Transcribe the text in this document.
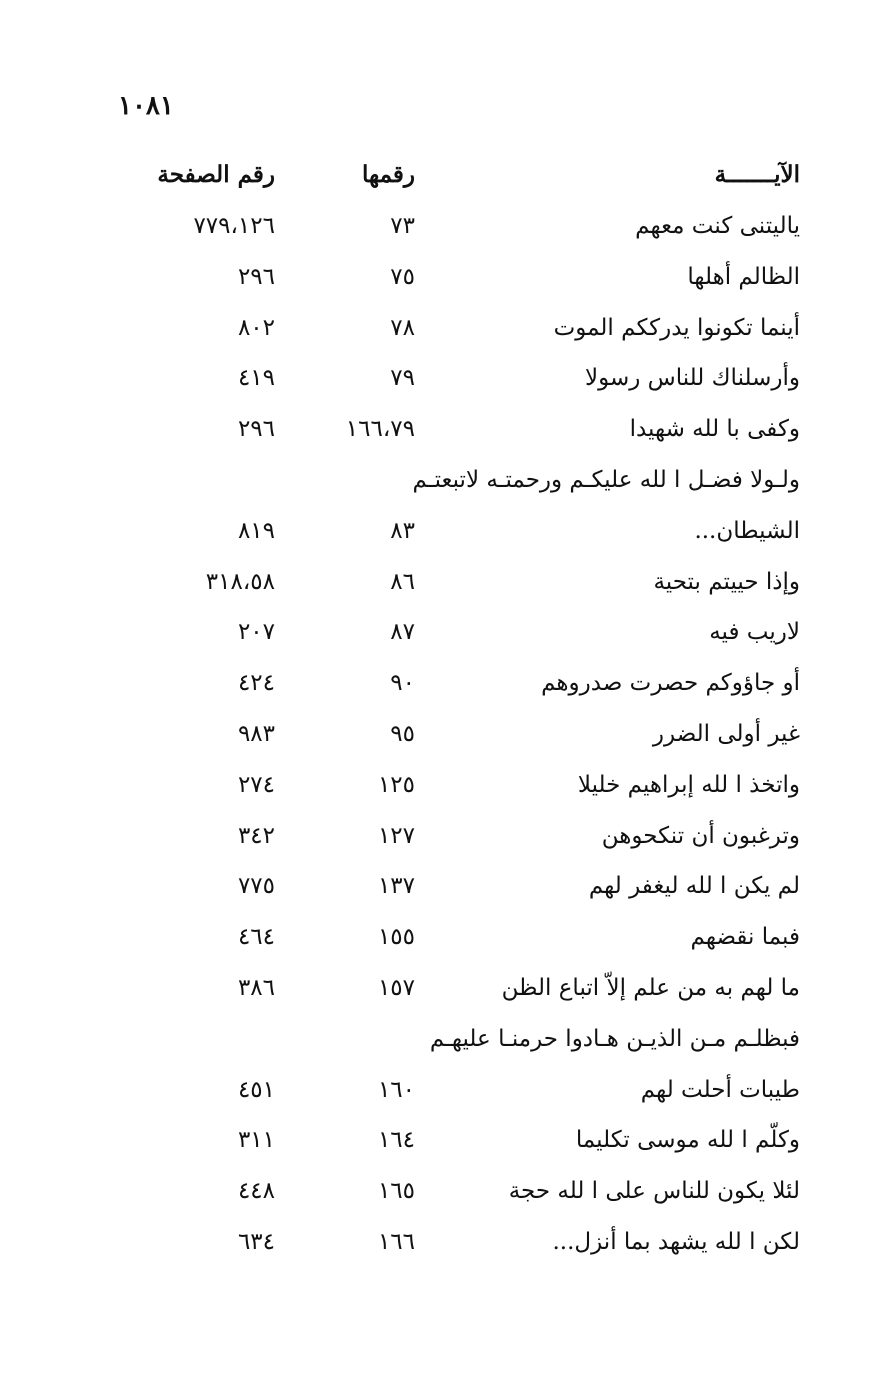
١٠٨١
الآيـــــــة
رقمها
رقم الصفحة
ياليتنى كنت معهم
٧٣
٧٧٩،١٢٦
الظالم أهلها
٧٥
٢٩٦
أينما تكونوا يدرككم الموت
٧٨
٨٠٢
وأرسلناك للناس رسولا
٧٩
٤١٩
وكفى با لله شهيدا
١٦٦،٧٩
٢٩٦
ولـولا فضـل ا لله عليكـم ورحمتـه لاتبعتـم
الشيطان...
٨٣
٨١٩
وإذا حييتم بتحية
٨٦
٣١٨،٥٨
لاريب فيه
٨٧
٢٠٧
أو جاؤوكم حصرت صدروهم
٩٠
٤٢٤
غير أولى الضرر
٩٥
٩٨٣
واتخذ ا لله إبراهيم خليلا
١٢٥
٢٧٤
وترغبون أن تنكحوهن
١٢٧
٣٤٢
لم يكن ا لله ليغفر لهم
١٣٧
٧٧٥
فبما نقضهم
١٥٥
٤٦٤
ما لهم به من علم إلاّ اتباع الظن
١٥٧
٣٨٦
فبظلـم مـن الذيـن هـادوا حرمنـا عليهـم
طيبات أحلت لهم
١٦٠
٤٥١
وكلّم ا لله موسى تكليما
١٦٤
٣١١
لئلا يكون للناس على ا لله حجة
١٦٥
٤٤٨
لكن ا لله يشهد بما أنزل...
١٦٦
٦٣٤
